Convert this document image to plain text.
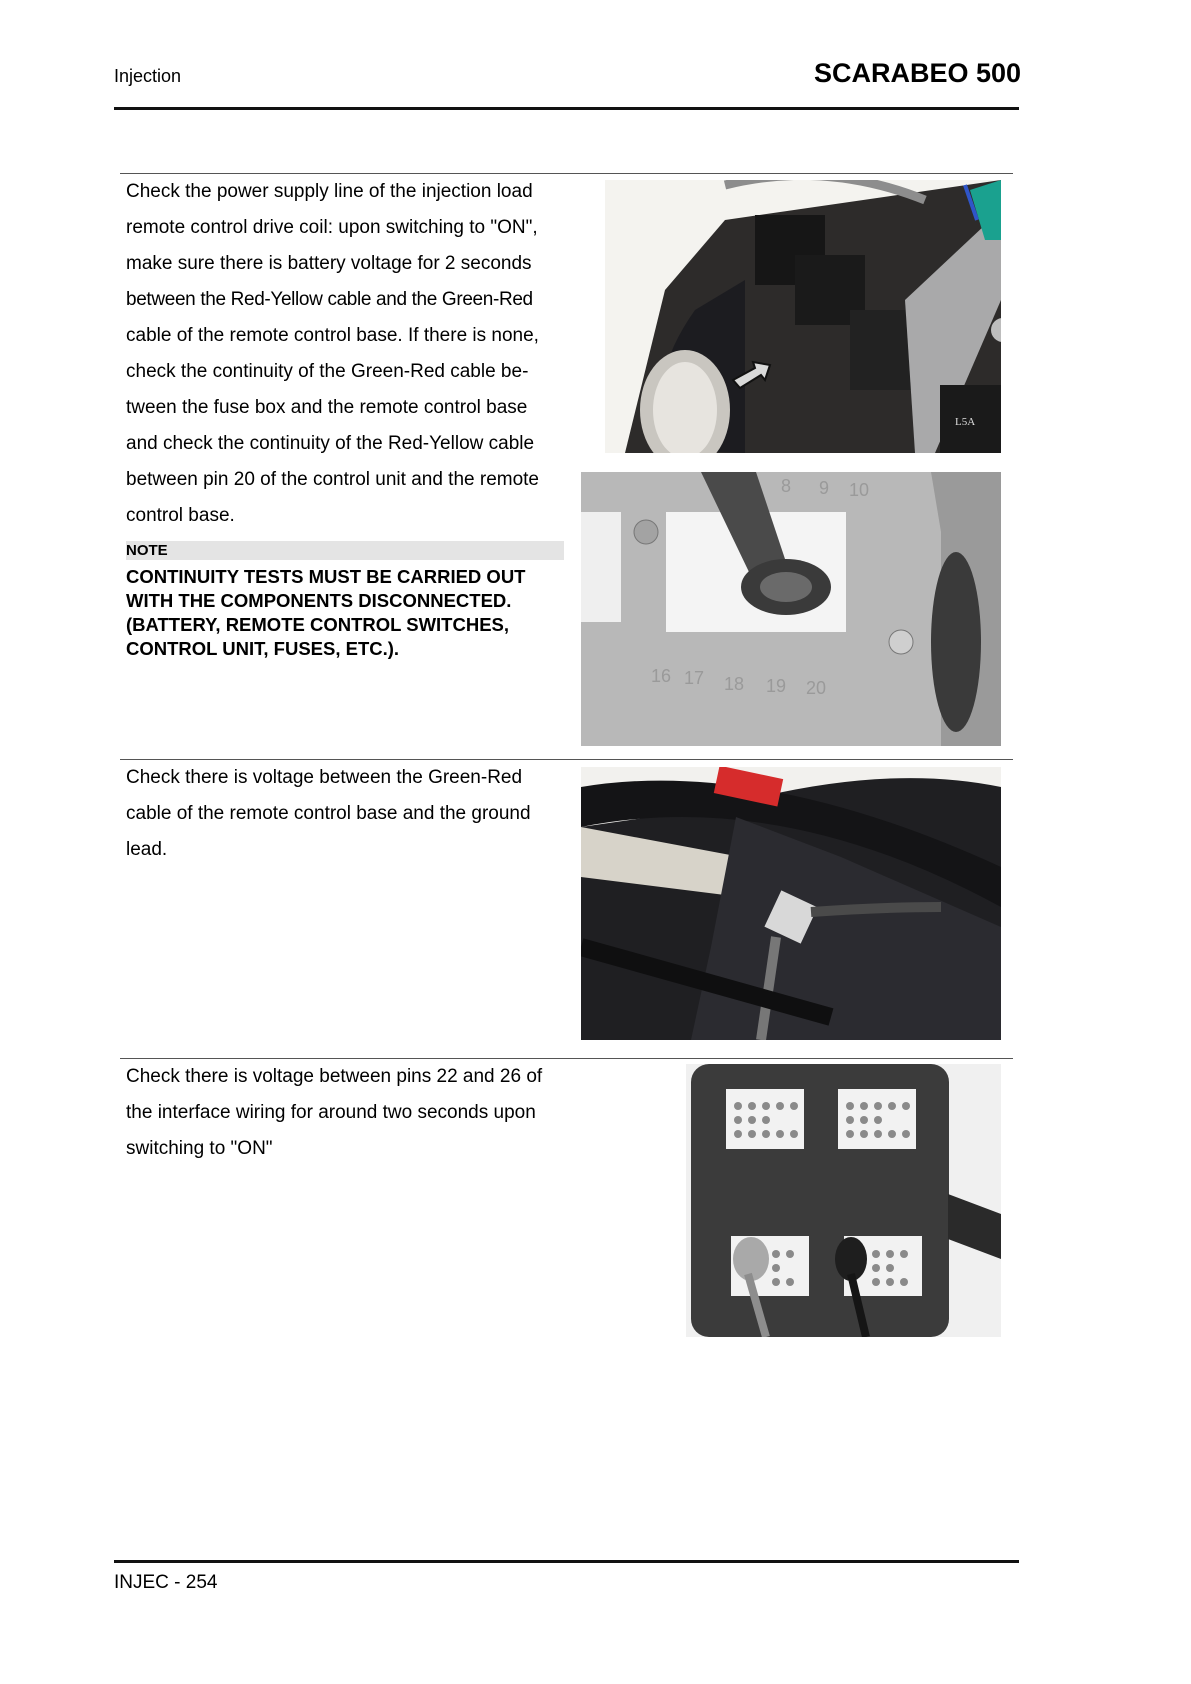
Injection	SCARABEO 500
Check the power supply line of the injection load
remote control drive coil: upon switching to "ON",
make sure there is battery voltage for 2 seconds
between the Red-Yellow cable and the Green-Red
cable of the remote control base. If there is none,
check the continuity of the Green-Red cable be-
tween the fuse box and the remote control base
and check the continuity of the Red-Yellow cable
between pin 20 of the control unit and the remote
control base.
NOTE
CONTINUITY TESTS MUST BE CARRIED OUT
WITH THE COMPONENTS DISCONNECTED.
(BATTERY, REMOTE CONTROL SWITCHES,
CONTROL UNIT, FUSES, ETC.).
L5A
16 17 18 19 20
8 9 10
Check there is voltage between the Green-Red
cable of the remote control base and the ground
lead.
Check there is voltage between pins 22 and 26 of
the interface wiring for around two seconds upon
switching to "ON"
INJEC - 254
